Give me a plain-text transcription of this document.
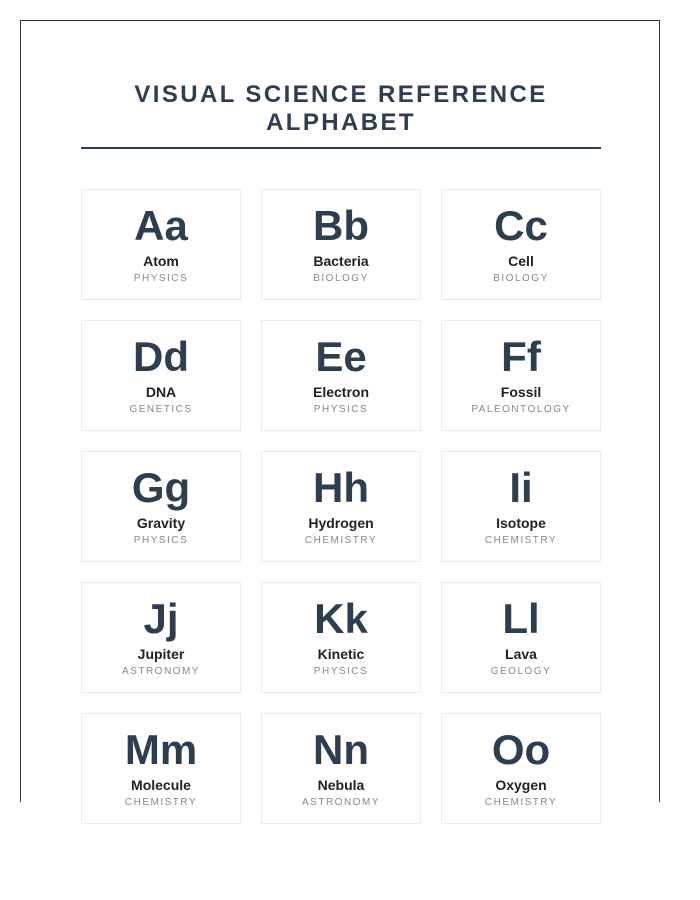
VISUAL SCIENCE REFERENCE ALPHABET
Aa
Atom
PHYSICS
Bb
Bacteria
BIOLOGY
Cc
Cell
BIOLOGY
Dd
DNA
GENETICS
Ee
Electron
PHYSICS
Ff
Fossil
PALEONTOLOGY
Gg
Gravity
PHYSICS
Hh
Hydrogen
CHEMISTRY
Ii
Isotope
CHEMISTRY
Jj
Jupiter
ASTRONOMY
Kk
Kinetic
PHYSICS
Ll
Lava
GEOLOGY
Mm
Molecule
CHEMISTRY
Nn
Nebula
ASTRONOMY
Oo
Oxygen
CHEMISTRY
